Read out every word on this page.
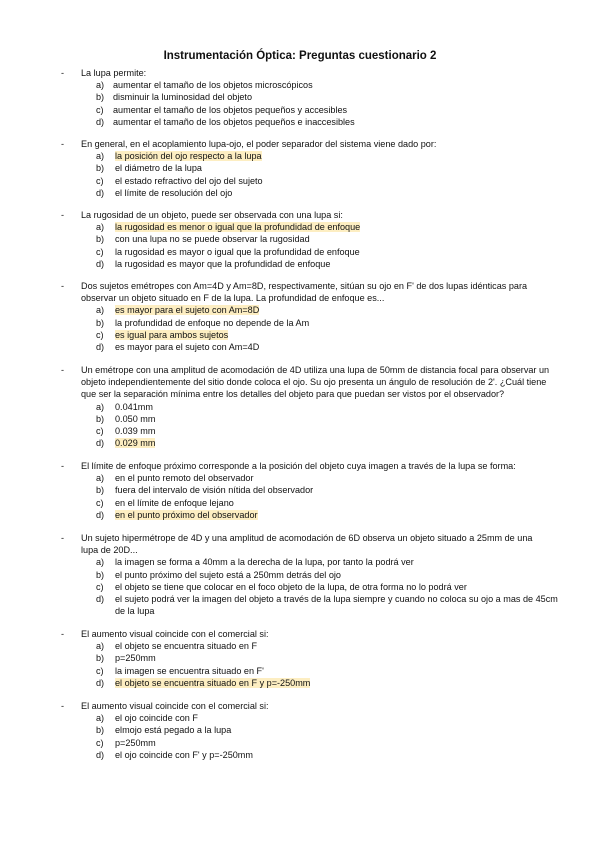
Instrumentación Óptica: Preguntas cuestionario 2
- La lupa permite:
a) aumentar el tamaño de los objetos microscópicos
b) disminuir la luminosidad del objeto
c) aumentar el tamaño de los objetos pequeños y accesibles
d) aumentar el tamaño de los objetos pequeños e inaccesibles
- En general, en el acoplamiento lupa-ojo, el poder separador del sistema viene dado por:
a) la posición del ojo respecto a la lupa
b) el diámetro de la lupa
c) el estado refractivo del ojo del sujeto
d) el límite de resolución del ojo
- La rugosidad de un objeto, puede ser observada con una lupa si:
a) la rugosidad es menor o igual que la profundidad de enfoque
b) con una lupa no se puede observar la rugosidad
c) la rugosidad es mayor o igual que la profundidad de enfoque
d) la rugosidad es mayor que la profundidad de enfoque
- Dos sujetos emétropes con Am=4D y Am=8D, respectivamente, sitúan su ojo en F' de dos lupas idénticas para observar un objeto situado en F de la lupa. La profundidad de enfoque es...
a) es mayor para el sujeto con Am=8D
b) la profundidad de enfoque no depende de la Am
c) es igual para ambos sujetos
d) es mayor para el sujeto con Am=4D
- Un emétrope con una amplitud de acomodación de 4D utiliza una lupa de 50mm de distancia focal para observar un objeto independientemente del sitio donde coloca el ojo. Su ojo presenta un ángulo de resolución de 2'. ¿Cuál tiene que ser la separación mínima entre los detalles del objeto para que puedan ser vistos por el observador?
a) 0.041mm
b) 0.050 mm
c) 0.039 mm
d) 0.029 mm
- El límite de enfoque próximo corresponde a la posición del objeto cuya imagen a través de la lupa se forma:
a) en el punto remoto del observador
b) fuera del intervalo de visión nítida del observador
c) en el límite de enfoque lejano
d) en el punto próximo del observador
- Un sujeto hipermétrope de 4D y una amplitud de acomodación de 6D observa un objeto situado a 25mm de una lupa de 20D...
a) la imagen se forma a 40mm a la derecha de la lupa, por tanto la podrá ver
b) el punto próximo del sujeto está a 250mm detrás del ojo
c) el objeto se tiene que colocar en el foco objeto de la lupa, de otra forma no lo podrá ver
d) el sujeto podrá ver la imagen del objeto a través de la lupa siempre y cuando no coloca su ojo a mas de 45cm de la lupa
- El aumento visual coincide con el comercial si:
a) el objeto se encuentra situado en F
b) p=250mm
c) la imagen se encuentra situado en F'
d) el objeto se encuentra situado en F y p=-250mm
- El aumento visual coincide con el comercial si:
a) el ojo coincide con F
b) elmojo está pegado a la lupa
c) p=250mm
d) el ojo coincide con F' y p=-250mm
